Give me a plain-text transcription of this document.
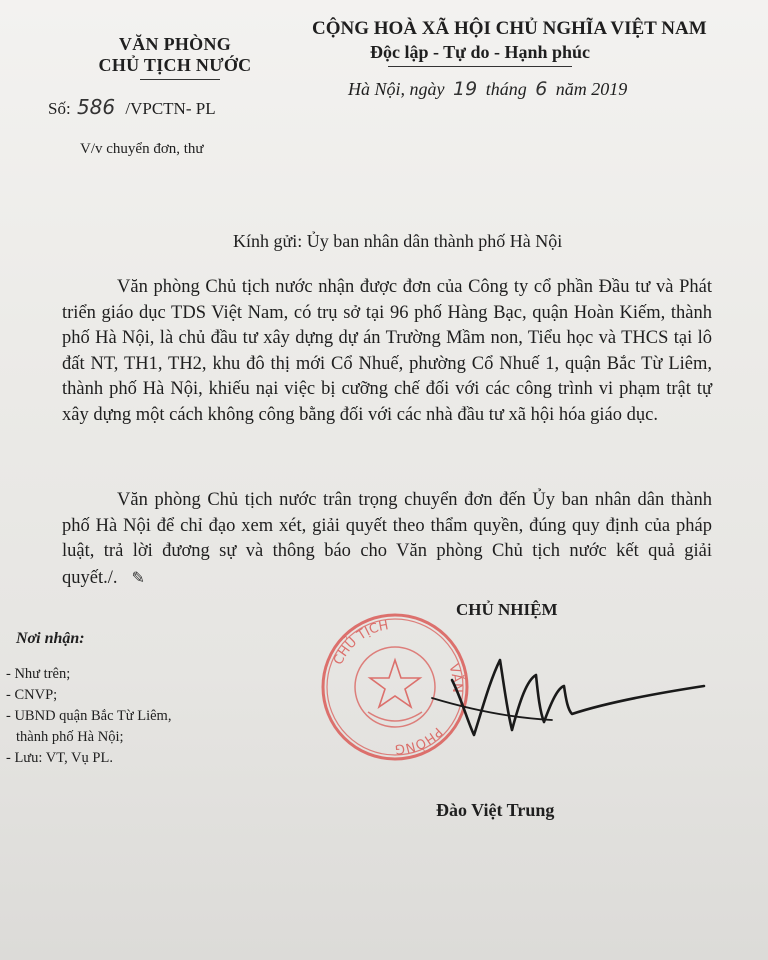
VĂN PHÒNG
CHỦ TỊCH NƯỚC
CỘNG HOÀ XÃ HỘI CHỦ NGHĨA VIỆT NAM
Độc lập - Tự do - Hạnh phúc
Số: 586 /VPCTN- PL
Hà Nội, ngày 19 tháng 6 năm 2019
V/v chuyển đơn, thư
Kính gửi: Ủy ban nhân dân thành phố Hà Nội

Văn phòng Chủ tịch nước nhận được đơn của Công ty cổ phần Đầu tư và Phát triển giáo dục TDS Việt Nam, có trụ sở tại 96 phố Hàng Bạc, quận Hoàn Kiếm, thành phố Hà Nội, là chủ đầu tư xây dựng dự án Trường Mầm non, Tiểu học và THCS tại lô đất NT, TH1, TH2, khu đô thị mới Cổ Nhuế, phường Cổ Nhuế 1, quận Bắc Từ Liêm, thành phố Hà Nội, khiếu nại việc bị cưỡng chế đối với các công trình vi phạm trật tự xây dựng một cách không công bằng đối với các nhà đầu tư xã hội hóa giáo dục.

Văn phòng Chủ tịch nước trân trọng chuyển đơn đến Ủy ban nhân dân thành phố Hà Nội để chỉ đạo xem xét, giải quyết theo thẩm quyền, đúng quy định của pháp luật, trả lời đương sự và thông báo cho Văn phòng Chủ tịch nước kết quả giải quyết./. ✎

CHỦ NHIỆM
CHỦ TỊCH
PHÒNG
VĂN
Đào Việt Trung
Nơi nhận:
- Như trên;
- CNVP;
- UBND quận Bắc Từ Liêm,
thành phố Hà Nội;
- Lưu: VT, Vụ PL.
